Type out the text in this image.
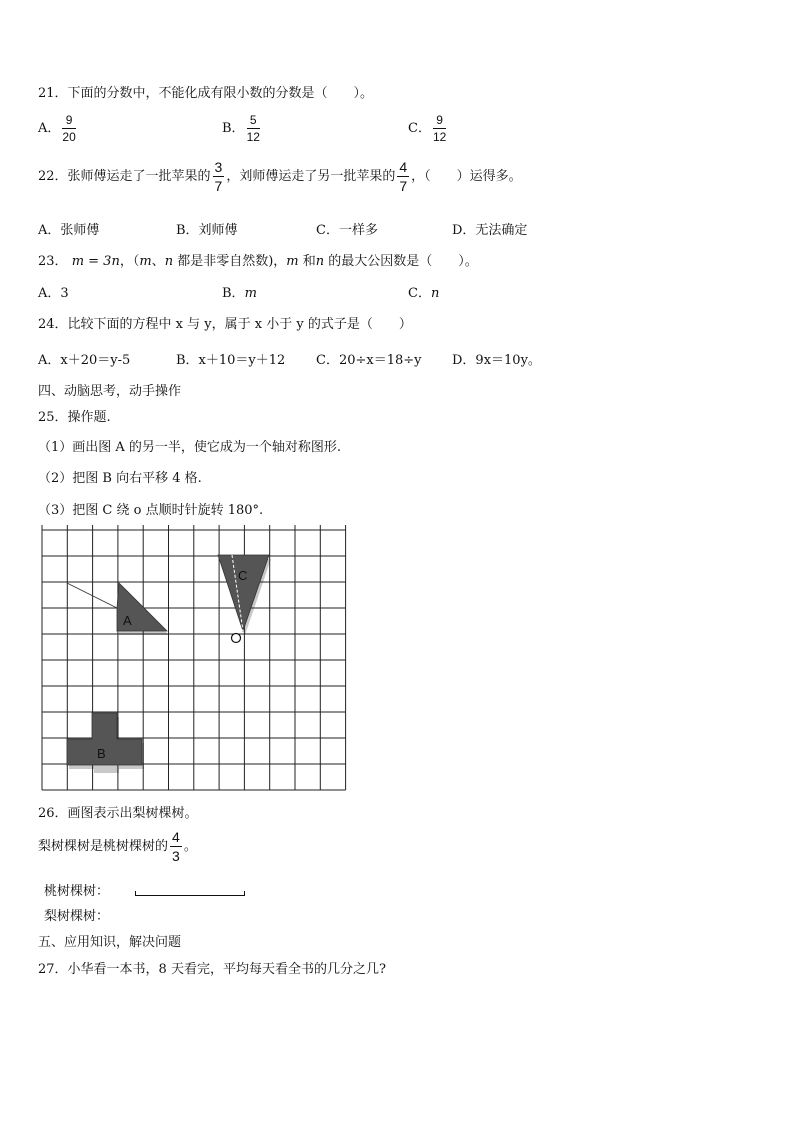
21．下面的分数中，不能化成有限小数的分数是（　　）。
A． $\frac{9}{20}$	B． $\frac{5}{12}$	C． $\frac{9}{12}$
22．张师傅运走了一批苹果的 $\frac{3}{7}$ ，刘师傅运走了另一批苹果的 $\frac{4}{7}$ ，（　　）运得多。
A．张师傅	B．刘师傅	C．一样多	D．无法确定
23． m = 3n，（m、n 都是非零自然数)，m 和n 的最大公因数是（　　）。
A．3	B．m	C．n
24．比较下面的方程中 x 与 y，属于 x 小于 y 的式子是（　　）
A．x＋20＝y-5	B．x＋10＝y＋12 C．20÷x＝18÷y D．9x＝10y。
四、动脑思考，动手操作
25．操作题.
（1）画出图 A 的另一半，使它成为一个轴对称图形.
（2）把图 B 向右平移 4 格.
（3）把图 C 绕 o 点顺时针旋转 180°.
A
B
C
26．画图表示出梨树棵树。
梨树棵树是桃树棵树的 $\frac{4}{3}$ 。
桃树棵树：
梨树棵树：
五、应用知识，解决问题
27．小华看一本书，8 天看完，平均每天看全书的几分之几?
